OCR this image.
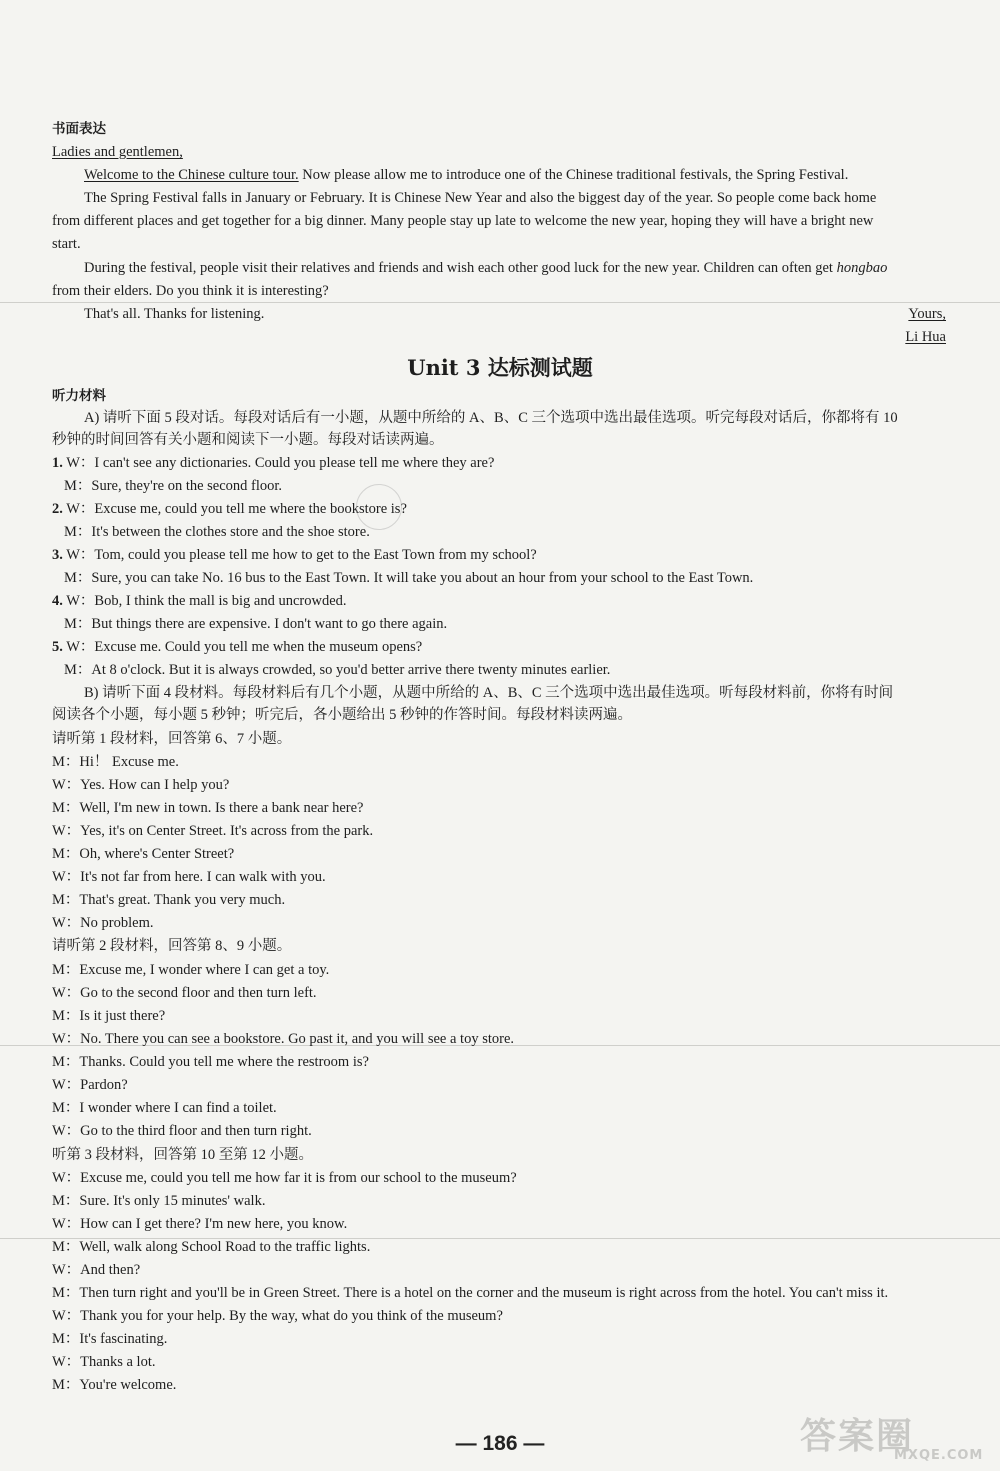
书面表达
Ladies and gentlemen,
Welcome to the Chinese culture tour. Now please allow me to introduce one of the Chinese traditional festivals, the Spring Festival.
The Spring Festival falls in January or February. It is Chinese New Year and also the biggest day of the year. So people come back home
from different places and get together for a big dinner. Many people stay up late to welcome the new year, hoping they will have a bright new
start.
During the festival, people visit their relatives and friends and wish each other good luck for the new year. Children can often get hongbao
from their elders. Do you think it is interesting?
That's all. Thanks for listening.	Yours,
Li Hua
Unit 3 达标测试题
听力材料
A) 请听下面 5 段对话。每段对话后有一小题，从题中所给的 A、B、C 三个选项中选出最佳选项。听完每段对话后，你都将有 10
秒钟的时间回答有关小题和阅读下一小题。每段对话读两遍。
1. W：I can't see any dictionaries. Could you please tell me where they are?
M：Sure, they're on the second floor.
2. W：Excuse me, could you tell me where the bookstore is?
M：It's between the clothes store and the shoe store.
3. W：Tom, could you please tell me how to get to the East Town from my school?
M：Sure, you can take No. 16 bus to the East Town. It will take you about an hour from your school to the East Town.
4. W：Bob, I think the mall is big and uncrowded.
M：But things there are expensive. I don't want to go there again.
5. W：Excuse me. Could you tell me when the museum opens?
M：At 8 o'clock. But it is always crowded, so you'd better arrive there twenty minutes earlier.
B) 请听下面 4 段材料。每段材料后有几个小题，从题中所给的 A、B、C 三个选项中选出最佳选项。听每段材料前，你将有时间
阅读各个小题，每小题 5 秒钟；听完后，各小题给出 5 秒钟的作答时间。每段材料读两遍。
请听第 1 段材料，回答第 6、7 小题。
M：Hi！ Excuse me.
W：Yes. How can I help you?
M：Well, I'm new in town. Is there a bank near here?
W：Yes, it's on Center Street. It's across from the park.
M：Oh, where's Center Street?
W：It's not far from here. I can walk with you.
M：That's great. Thank you very much.
W：No problem.
请听第 2 段材料，回答第 8、9 小题。
M：Excuse me, I wonder where I can get a toy.
W：Go to the second floor and then turn left.
M：Is it just there?
W：No. There you can see a bookstore. Go past it, and you will see a toy store.
M：Thanks. Could you tell me where the restroom is?
W：Pardon?
M：I wonder where I can find a toilet.
W：Go to the third floor and then turn right.
听第 3 段材料，回答第 10 至第 12 小题。
W：Excuse me, could you tell me how far it is from our school to the museum?
M：Sure. It's only 15 minutes' walk.
W：How can I get there? I'm new here, you know.
M：Well, walk along School Road to the traffic lights.
W：And then?
M：Then turn right and you'll be in Green Street. There is a hotel on the corner and the museum is right across from the hotel. You can't miss it.
W：Thank you for your help. By the way, what do you think of the museum?
M：It's fascinating.
W：Thanks a lot.
M：You're welcome.
— 186 —	答案圈
MXQE.COM
